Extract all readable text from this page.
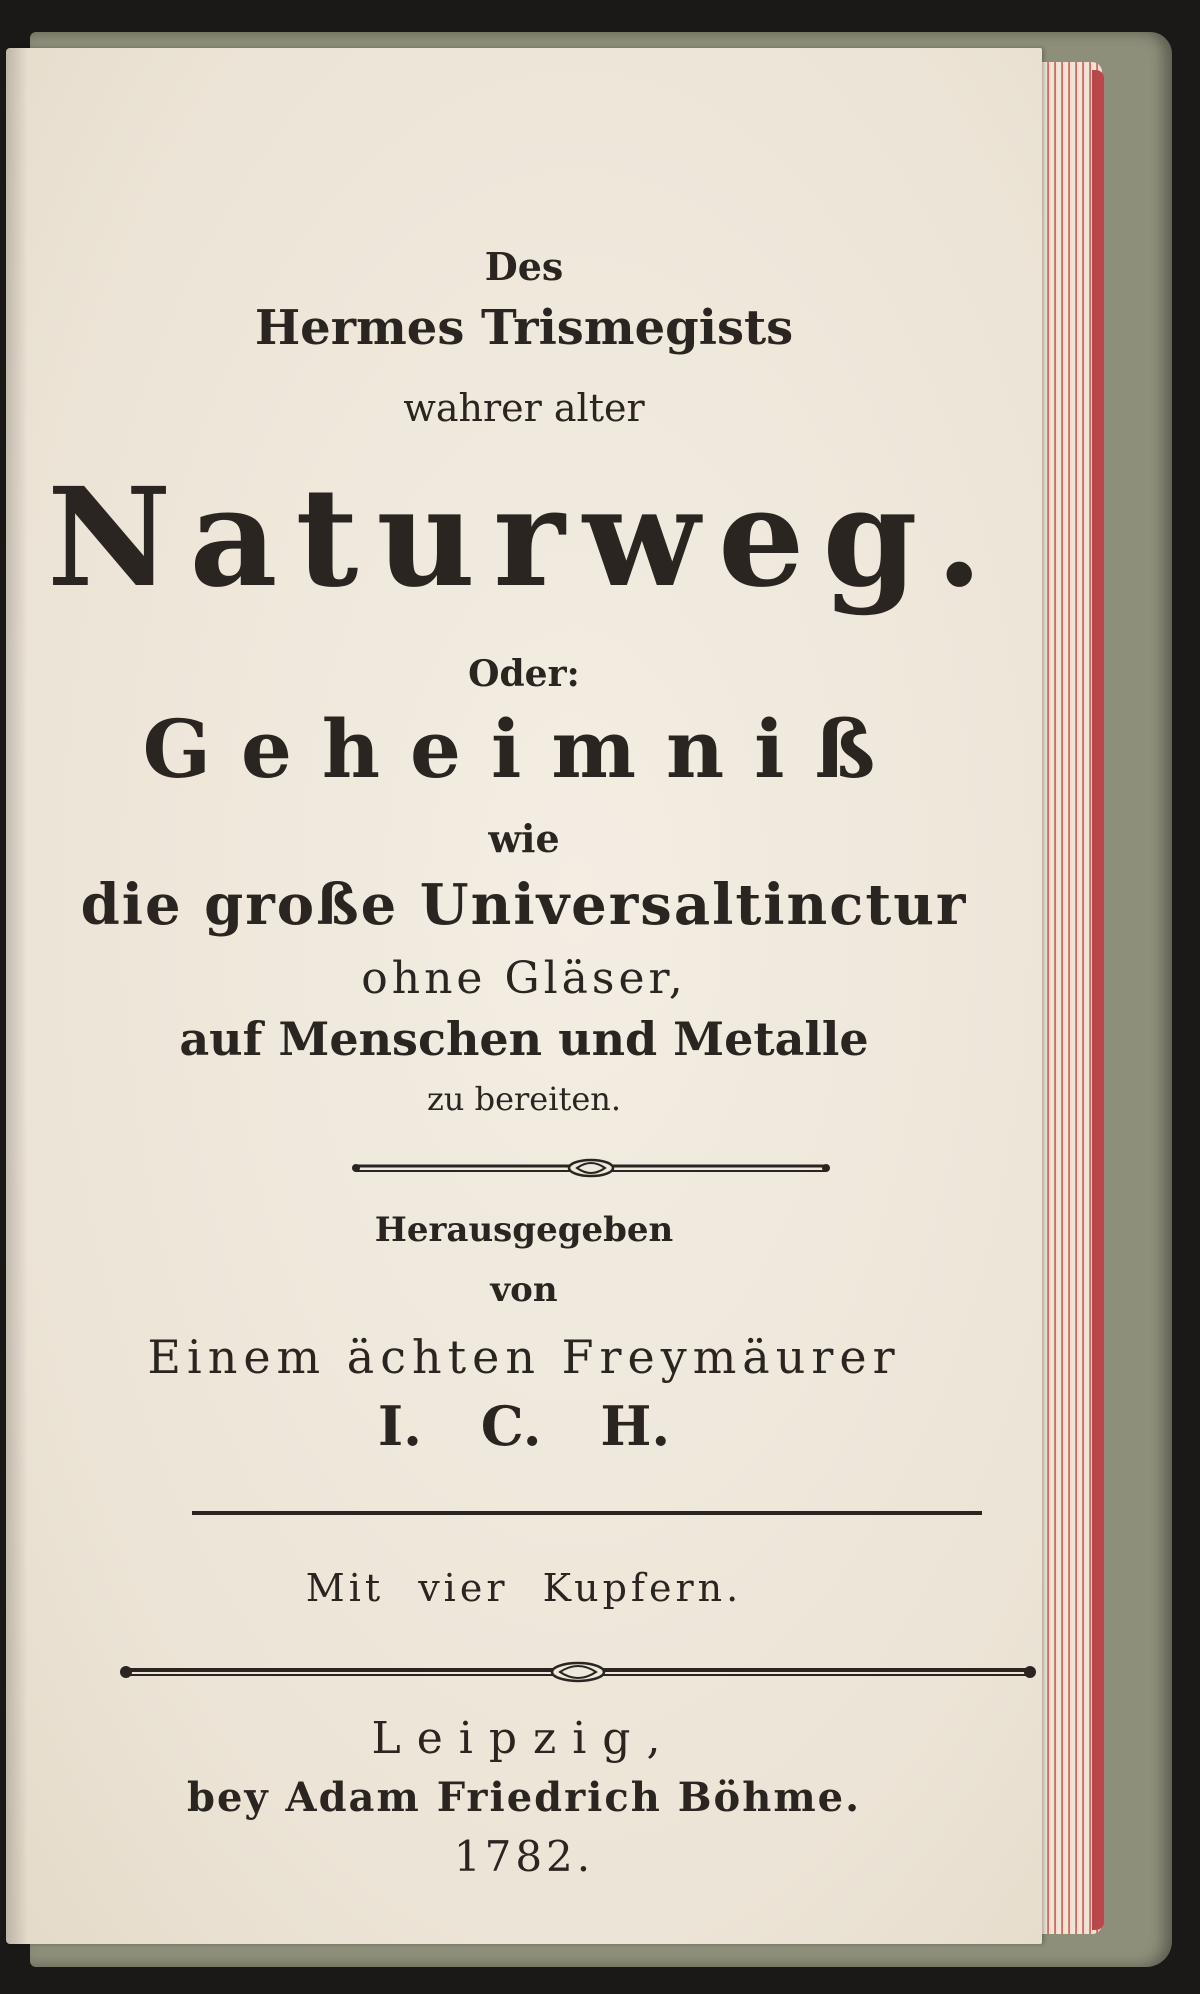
Des
Hermes Trismegists
wahrer alter
Naturweg.
Oder:
Geheimniß
wie
die große Universaltinctur
ohne Gläser,
auf Menschen und Metalle
zu bereiten.
Herausgegeben
von
Einem ächten Freymäurer
I. C. H.
Mit vier Kupfern.
Leipzig,
bey Adam Friedrich Böhme.
1782.
